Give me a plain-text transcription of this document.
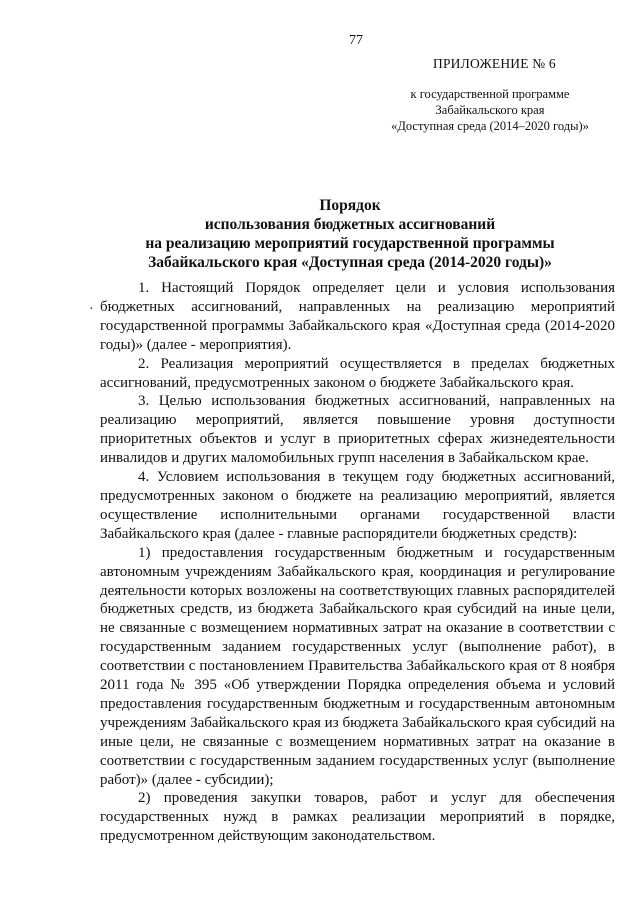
77
ПРИЛОЖЕНИЕ № 6
к государственной программе
Забайкальского края
«Доступная среда (2014–2020 годы)»
Порядок
использования бюджетных ассигнований
на реализацию мероприятий государственной программы
Забайкальского края «Доступная среда (2014-2020 годы)»
·

1. Настоящий Порядок определяет цели и условия использования бюджетных ассигнований, направленных на реализацию мероприятий государственной программы Забайкальского края «Доступная среда (2014-2020 годы)» (далее - мероприятия).

2. Реализация мероприятий осуществляется в пределах бюджетных ассигнований, предусмотренных законом о бюджете Забайкальского края.

3. Целью использования бюджетных ассигнований, направленных на реализацию мероприятий, является повышение уровня доступности приоритетных объектов и услуг в приоритетных сферах жизнедеятельности инвалидов и других маломобильных групп населения в Забайкальском крае.

4. Условием использования в текущем году бюджетных ассигнований, предусмотренных законом о бюджете на реализацию мероприятий, является осуществление исполнительными органами государственной власти Забайкальского края (далее - главные распорядители бюджетных средств):

1) предоставления государственным бюджетным и государственным автономным учреждениям Забайкальского края, координация и регулирование деятельности которых возложены на соответствующих главных распорядителей бюджетных средств, из бюджета Забайкальского края субсидий на иные цели, не связанные с возмещением нормативных затрат на оказание в соответствии с государственным заданием государственных услуг (выполнение работ), в соответствии с постановлением Правительства Забайкальского края от 8 ноября 2011 года № 395 «Об утверждении Порядка определения объема и условий предоставления государственным бюджетным и государственным автономным учреждениям Забайкальского края из бюджета Забайкальского края субсидий на иные цели, не связанные с возмещением нормативных затрат на оказание в соответствии с государственным заданием государственных услуг (выполнение работ)» (далее - субсидии);

2) проведения закупки товаров, работ и услуг для обеспечения государственных нужд в рамках реализации мероприятий в порядке, предусмотренном действующим законодательством.
